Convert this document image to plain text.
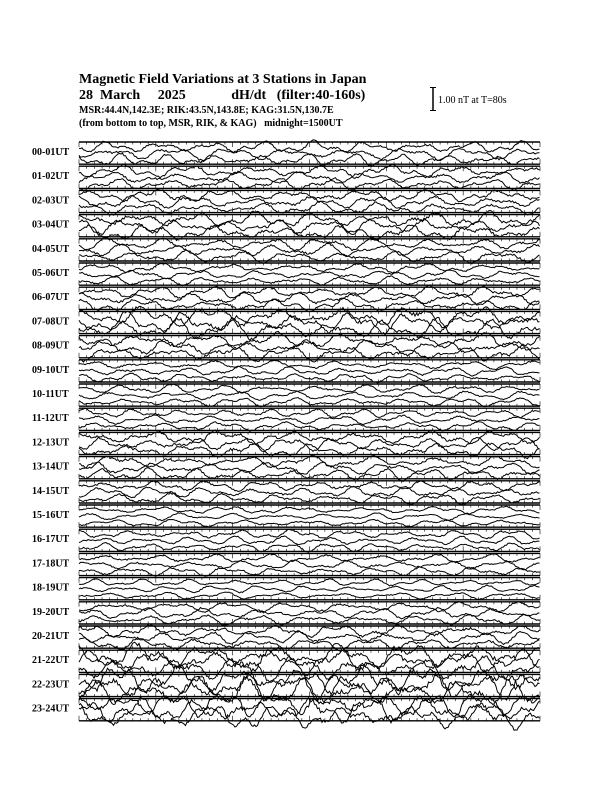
Magnetic Field Variations at 3 Stations in Japan
28 March 2025	dH/dt (filter:40-160s)
MSR:44.4N,142.3E; RIK:43.5N,143.8E; KAG:31.5N,130.7E
(from bottom to top, MSR, RIK, & KAG) midnight=1500UT
1.00 nT at T=80s
00-01UT
01-02UT
02-03UT
03-04UT
04-05UT
05-06UT
06-07UT
07-08UT
08-09UT
09-10UT
10-11UT
11-12UT
12-13UT
13-14UT
14-15UT
15-16UT
16-17UT
17-18UT
18-19UT
19-20UT
20-21UT
21-22UT
22-23UT
23-24UT
